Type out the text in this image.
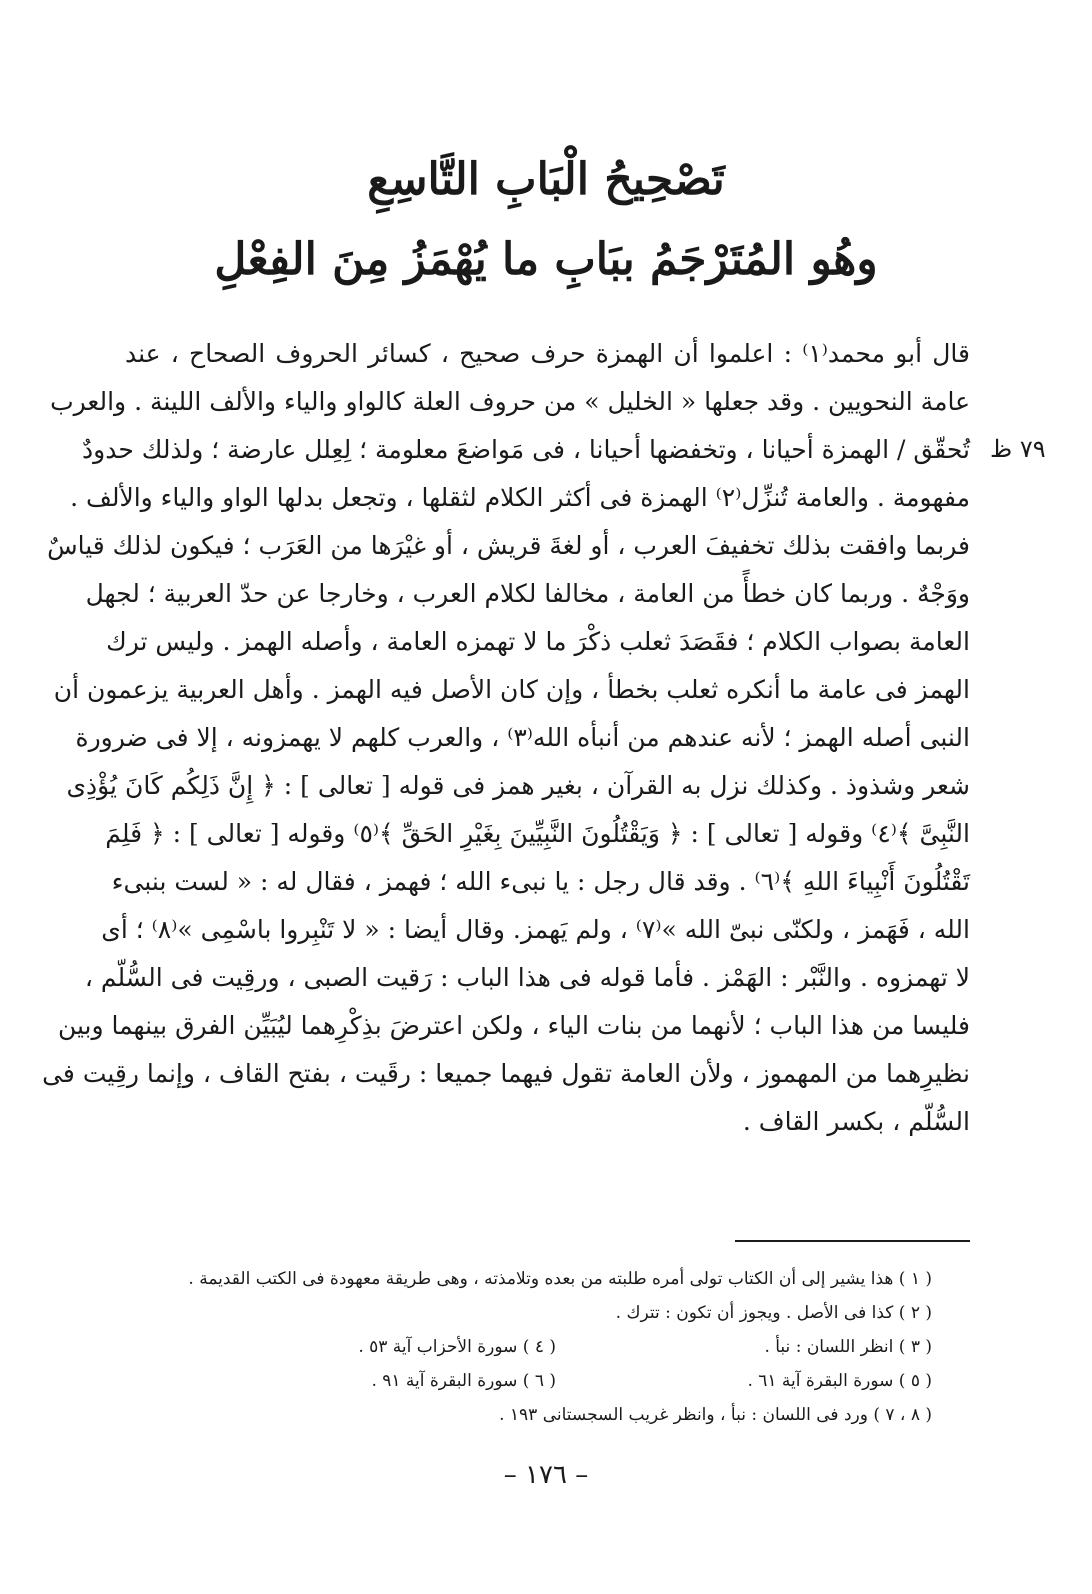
تَصْحِيحُ الْبَابِ التَّاسِعِ
وهُو المُتَرْجَمُ ببَابِ ما يُهْمَزُ مِنَ الفِعْلِ
٧٩ ظ
قال أبو محمد⁽١⁾ : اعلموا أن الهمزة حرف صحيح ، كسائر الحروف الصحاح ، عند
عامة النحويين . وقد جعلها « الخليل » من حروف العلة كالواو والياء والألف اللينة . والعرب
تُحقّق / الهمزة أحيانا ، وتخفضها أحيانا ، فى مَواضعَ معلومة ؛ لِعِلل عارضة ؛ ولذلك حدودٌ
مفهومة . والعامة تُنزِّل⁽٢⁾ الهمزة فى أكثر الكلام لثقلها ، وتجعل بدلها الواو والياء والألف .
فربما وافقت بذلك تخفيفَ العرب ، أو لغةَ قريش ، أو غيْرَها من العَرَب ؛ فيكون لذلك قياسٌ
ووَجْهٌ . وربما كان خطأً من العامة ، مخالفا لكلام العرب ، وخارجا عن حدّ العربية ؛ لجهل
العامة بصواب الكلام ؛ فقَصَدَ ثعلب ذكْرَ ما لا تهمزه العامة ، وأصله الهمز . وليس ترك
الهمز فى عامة ما أنكره ثعلب بخطأ ، وإن كان الأصل فيه الهمز . وأهل العربية يزعمون أن
النبى أصله الهمز ؛ لأنه عندهم من أنبأه الله⁽٣⁾ ، والعرب كلهم لا يهمزونه ، إلا فى ضرورة
شعر وشذوذ . وكذلك نزل به القرآن ، بغير همز فى قوله [ تعالى ] : ﴿ إِنَّ ذَلِكُم كَانَ يُؤْذِى
النَّبِىَّ ﴾⁽٤⁾ وقوله [ تعالى ] : ﴿ وَيَقْتُلُونَ النَّبِيِّينَ بِغَيْرِ الحَقِّ ﴾⁽٥⁾ وقوله [ تعالى ] : ﴿ فَلِمَ
تَقْتُلُونَ أَنْبِياءَ اللهِ ﴾⁽٦⁾ . وقد قال رجل : يا نبىء الله ؛ فهمز ، فقال له : « لست بنبىء
الله ، فَهَمز ، ولكنّى نبىّ الله »⁽٧⁾ ، ولم يَهمز. وقال أيضا : « لا تَنْبِروا باسْمِى »⁽٨⁾ ؛ أى
لا تهمزوه . والنَّبْر : الهَمْز . فأما قوله فى هذا الباب : رَقيت الصبى ، ورقِيت فى السُّلّم ،
فليسا من هذا الباب ؛ لأنهما من بنات الياء ، ولكن اعترضَ بذِكْرِهما ليُبَيِّن الفرق بينهما وبين
نظيرِهما من المهموز ، ولأن العامة تقول فيهما جميعا : رقَيت ، بفتح القاف ، وإنما رقِيت فى
السُّلّم ، بكسر القاف .
( ١ ) هذا يشير إلى أن الكتاب تولى أمره طلبته من بعده وتلامذته ، وهى طريقة معهودة فى الكتب القديمة .
( ٢ ) كذا فى الأصل . ويجوز أن تكون : تترك .
( ٣ ) انظر اللسان : نبأ .
( ٤ ) سورة الأحزاب آية ٥٣ .
( ٥ ) سورة البقرة آية ٦١ .
( ٦ ) سورة البقرة آية ٩١ .
( ٨ ، ٧ ) ورد فى اللسان : نبأ ، وانظر غريب السجستانى ١٩٣ .
– ١٧٦ –
